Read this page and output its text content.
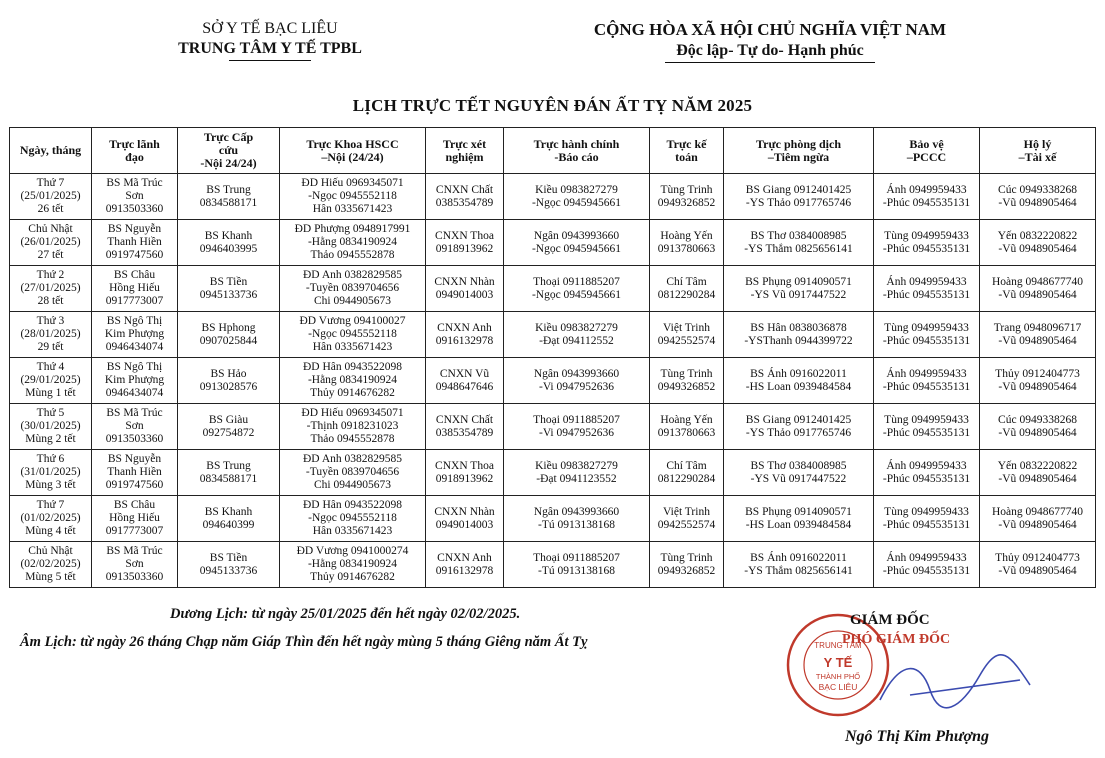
SỞ Y TẾ BẠC LIÊU
TRUNG TÂM Y TẾ TPBL
CỘNG HÒA XÃ HỘI CHỦ NGHĨA VIỆT NAM
Độc lập- Tự do- Hạnh phúc
LỊCH TRỰC TẾT NGUYÊN ĐÁN ẤT TỴ NĂM 2025
Ngày, tháng	Trực lãnh
đạo	Trực Cấp
cứu
-Nội 24/24)	Trực Khoa HSCC
–Nội (24/24)	Trực xét
nghiệm	Trực hành chính
-Báo cáo	Trực kế
toán	Trực phòng dịch
–Tiêm ngừa	Bảo vệ
–PCCC	Hộ lý
–Tài xế

Thứ 7
(25/01/2025)
26 tết	BS Mã Trúc
Sơn
0913503360	BS Trung
0834588171	ĐD Hiếu 0969345071
-Ngọc 0945552118
Hân 0335671423	CNXN Chất
0385354789	Kiều 0983827279
-Ngọc 0945945661	Tùng Trinh
0949326852	BS Giang 0912401425
-YS Thảo 0917765746	Ánh 0949959433
-Phúc 0945535131	Cúc 0949338268
-Vũ 0948905464

Chủ Nhật
(26/01/2025)
27 tết	BS Nguyễn
Thanh Hiền
0919747560	BS Khanh
0946403995	ĐD Phượng 0948917991
-Hằng 0834190924
Thảo 0945552878	CNXN Thoa
0918913962	Ngân 0943993660
-Ngọc 0945945661	Hoàng Yến
0913780663	BS Thơ 0384008985
-YS Thắm 0825656141	Tùng 0949959433
-Phúc 0945535131	Yến 0832220822
-Vũ 0948905464

Thứ 2
(27/01/2025)
28 tết	BS Châu
Hồng Hiếu
0917773007	BS Tiền
0945133736	ĐD Anh 0382829585
-Tuyền 0839704656
Chi 0944905673	CNXN Nhàn
0949014003	Thoại 0911885207
-Ngọc 0945945661	Chí Tâm
0812290284	BS Phụng 0914090571
-YS Vũ 0917447522	Ánh 0949959433
-Phúc 0945535131	Hoàng 0948677740
-Vũ 0948905464

Thứ 3
(28/01/2025)
29 tết	BS Ngô Thị
Kim Phượng
0946434074	BS Hphong
0907025844	ĐD Vương 094100027
-Ngọc 0945552118
Hân 0335671423	CNXN Anh
0916132978	Kiều 0983827279
-Đạt 094112552	Việt Trinh
0942552574	BS Hân 0838036878
-YSThanh 0944399722	Tùng 0949959433
-Phúc 0945535131	Trang 0948096717
-Vũ 0948905464

Thứ 4
(29/01/2025)
Mùng 1 tết	BS Ngô Thị
Kim Phượng
0946434074	BS Hảo
0913028576	ĐD Hân 0943522098
-Hằng 0834190924
Thủy 0914676282	CNXN Vũ
0948647646	Ngân 0943993660
-Vi 0947952636	Tùng Trinh
0949326852	BS Ánh 0916022011
-HS Loan 0939484584	Ánh 0949959433
-Phúc 0945535131	Thủy 0912404773
-Vũ 0948905464

Thứ 5
(30/01/2025)
Mùng 2 tết	BS Mã Trúc
Sơn
0913503360	BS Giàu
092754872	ĐD Hiếu 0969345071
-Thịnh 0918231023
Thảo 0945552878	CNXN Chất
0385354789	Thoại 0911885207
-Vi 0947952636	Hoàng Yến
0913780663	BS Giang 0912401425
-YS Thảo 0917765746	Tùng 0949959433
-Phúc 0945535131	Cúc 0949338268
-Vũ 0948905464

Thứ 6
(31/01/2025)
Mùng 3 tết	BS Nguyễn
Thanh Hiền
0919747560	BS Trung
0834588171	ĐD Anh 0382829585
-Tuyền 0839704656
Chi 0944905673	CNXN Thoa
0918913962	Kiều 0983827279
-Đạt 0941123552	Chí Tâm
0812290284	BS Thơ 0384008985
-YS Vũ 0917447522	Ánh 0949959433
-Phúc 0945535131	Yến 0832220822
-Vũ 0948905464

Thứ 7
(01/02/2025)
Mùng 4 tết	BS Châu
Hồng Hiếu
0917773007	BS Khanh
094640399	ĐD Hân 0943522098
-Ngọc 0945552118
Hân 0335671423	CNXN Nhàn
0949014003	Ngân 0943993660
-Tú 0913138168	Việt Trinh
0942552574	BS Phụng 0914090571
-HS Loan 0939484584	Tùng 0949959433
-Phúc 0945535131	Hoàng 0948677740
-Vũ 0948905464

Chủ Nhật
(02/02/2025)
Mùng 5 tết	BS Mã Trúc
Sơn
0913503360	BS Tiền
0945133736	ĐD Vương 0941000274
-Hằng 0834190924
Thủy 0914676282	CNXN Anh
0916132978	Thoại 0911885207
-Tú 0913138168	Tùng Trinh
0949326852	BS Ánh 0916022011
-YS Thắm 0825656141	Ánh 0949959433
-Phúc 0945535131	Thủy 0912404773
-Vũ 0948905464
Dương Lịch: từ ngày 25/01/2025 đến hết ngày 02/02/2025.
Âm Lịch: từ ngày 26 tháng Chạp năm Giáp Thìn đến hết ngày mùng 5 tháng Giêng năm Ất Tỵ	TRUNG TÂM
Y TẾ
THÀNH PHỐ
BẠC LIÊU
GIÁM ĐỐC
PHÓ GIÁM ĐỐC
Ngô Thị Kim Phượng
